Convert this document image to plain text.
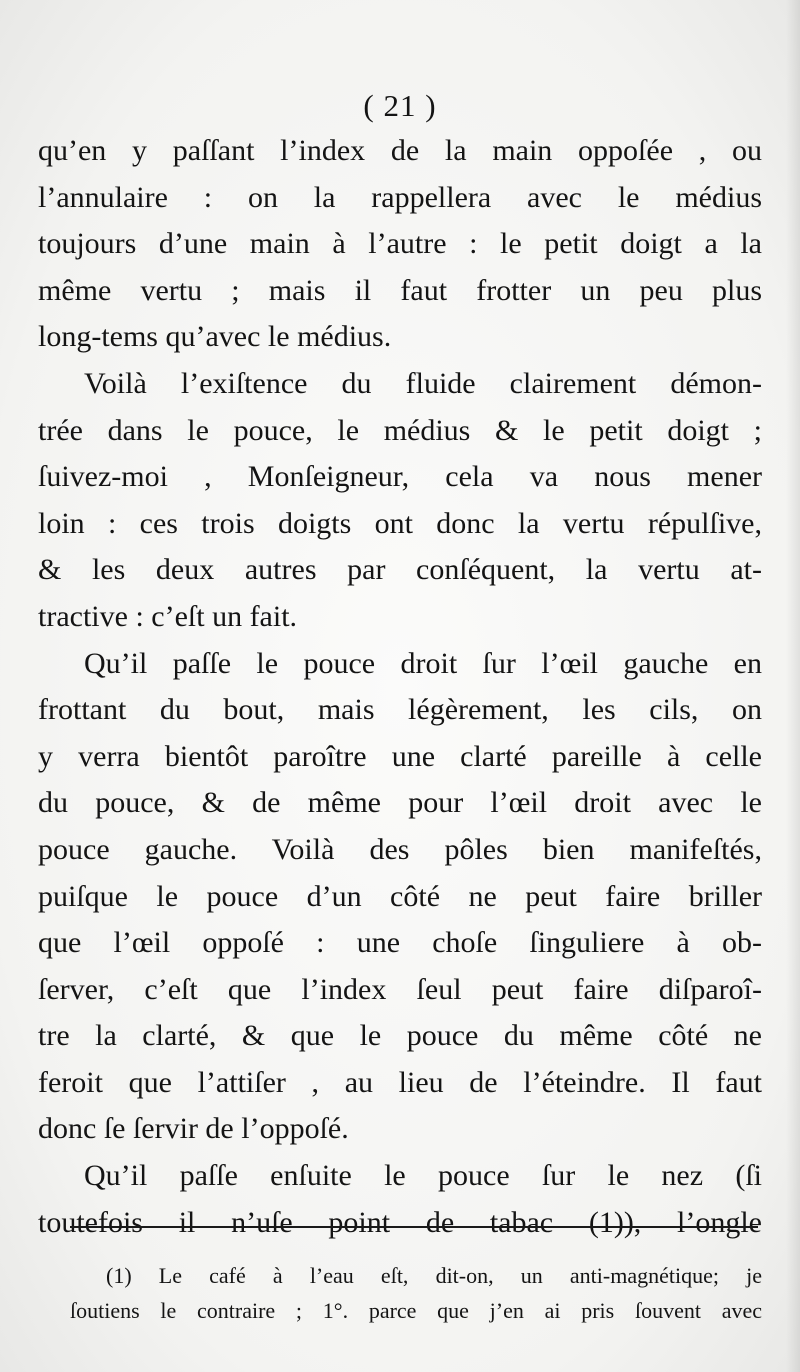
( 21 )
qu’en y paſſant l’index de la main oppoſée , ou
l’annulaire : on la rappellera avec le médius
toujours d’une main à l’autre : le petit doigt a la
même vertu ; mais il faut frotter un peu plus
long-tems qu’avec le médius.
Voilà l’exiſtence du fluide clairement démon-
trée dans le pouce, le médius & le petit doigt ;
ſuivez-moi , Monſeigneur, cela va nous mener
loin : ces trois doigts ont donc la vertu répulſive,
& les deux autres par conſéquent, la vertu at-
tractive : c’eſt un fait.
Qu’il paſſe le pouce droit ſur l’œil gauche en
frottant du bout, mais légèrement, les cils, on
y verra bientôt paroître une clarté pareille à celle
du pouce, & de même pour l’œil droit avec le
pouce gauche. Voilà des pôles bien manifeſtés,
puiſque le pouce d’un côté ne peut faire briller
que l’œil oppoſé : une choſe ſinguliere à ob-
ſerver, c’eſt que l’index ſeul peut faire diſparoî-
tre la clarté, & que le pouce du même côté ne
feroit que l’attiſer , au lieu de l’éteindre. Il faut
donc ſe ſervir de l’oppoſé.
Qu’il paſſe enſuite le pouce ſur le nez (ſi
toutefois il n’uſe point de tabac (1)), l’ongle
(1) Le café à l’eau eſt, dit-on, un anti-magnétique; je
ſoutiens le contraire ; 1°. parce que j’en ai pris ſouvent avec
